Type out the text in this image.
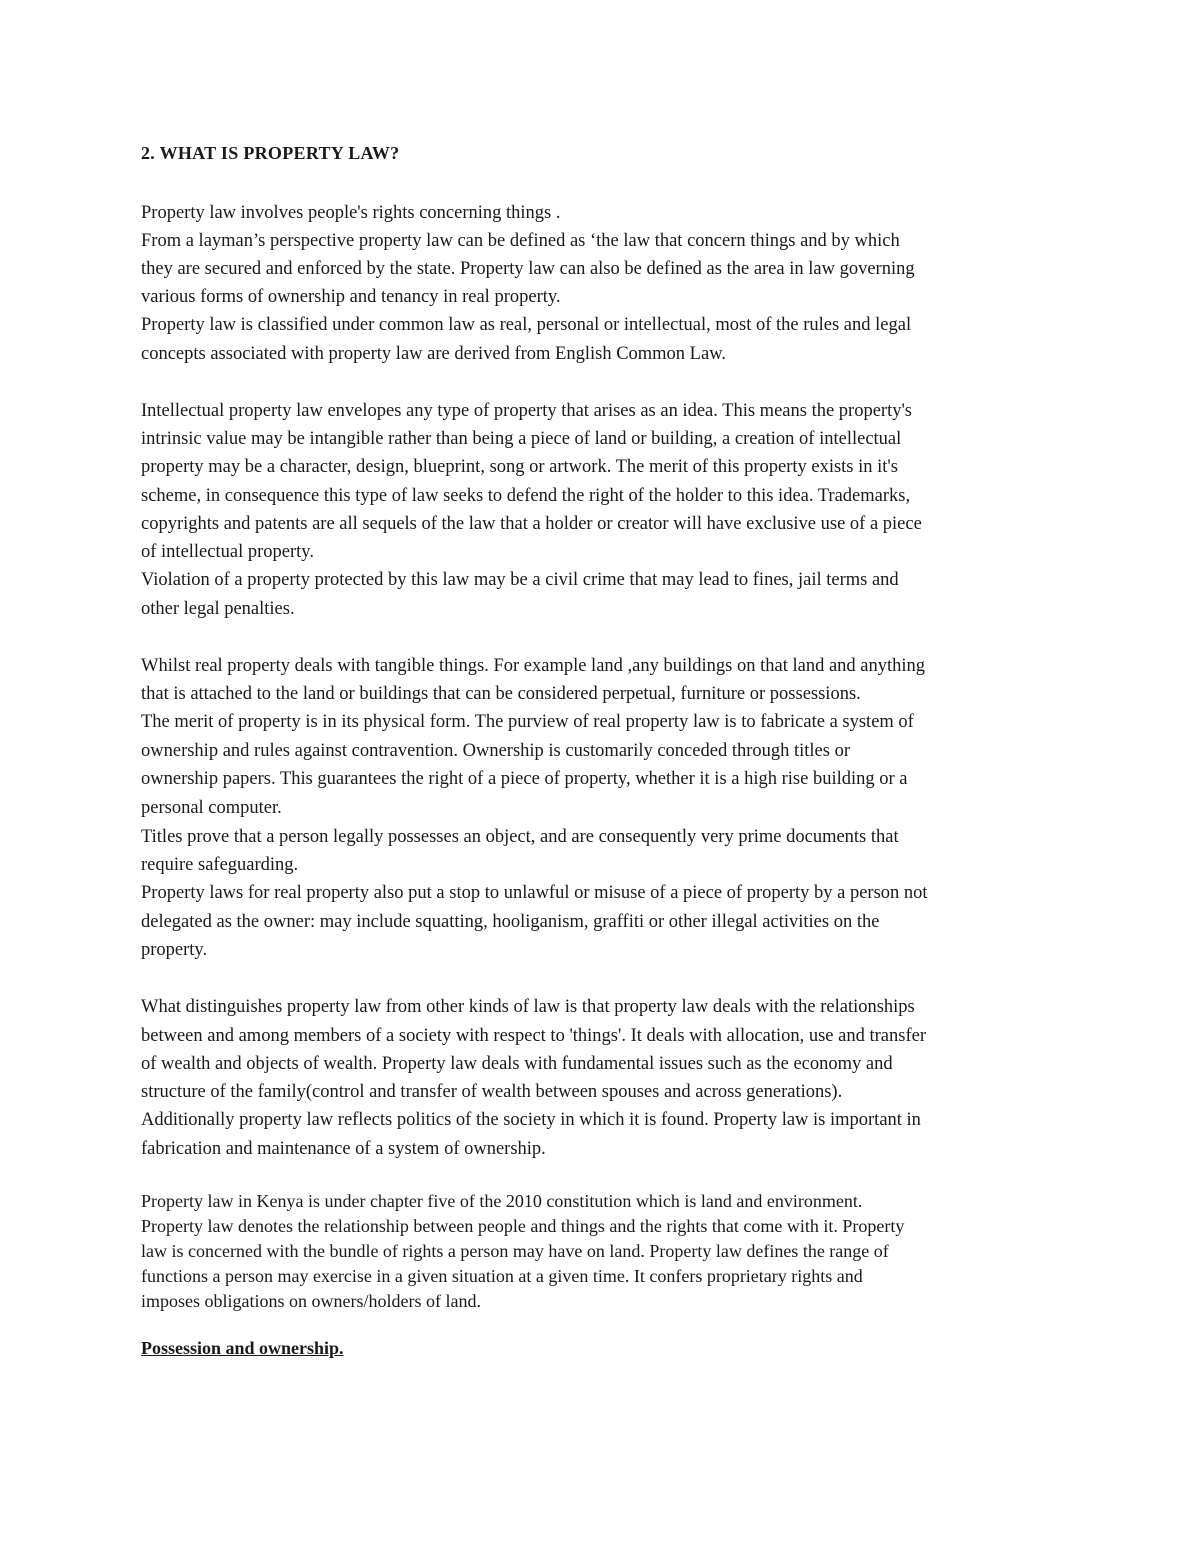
2. WHAT IS PROPERTY LAW?

Property law involves people's rights concerning things .

From a layman’s perspective property law can be defined as ‘the law that concern things and by which

they are secured and enforced by the state. Property law can also be defined as the area in law governing

various forms of ownership and tenancy in real property.

Property law is classified under common law as real, personal or intellectual, most of the rules and legal

concepts associated with property law are derived from English Common Law.

Intellectual property law envelopes any type of property that arises as an idea. This means the property's

intrinsic value may be intangible rather than being a piece of land or building, a creation of intellectual

property may be a character, design, blueprint, song or artwork. The merit of this property exists in it's

scheme, in consequence this type of law seeks to defend the right of the holder to this idea. Trademarks,

copyrights and patents are all sequels of the law that a holder or creator will have exclusive use of a piece

of intellectual property.

Violation of a property protected by this law may be a civil crime that may lead to fines, jail terms and

other legal penalties.

Whilst real property deals with tangible things. For example land ,any buildings on that land and anything

that is attached to the land or buildings that can be considered perpetual, furniture or possessions.

The merit of property is in its physical form. The purview of real property law is to fabricate a system of

ownership and rules against contravention. Ownership is customarily conceded through titles or

ownership papers. This guarantees the right of a piece of property, whether it is a high rise building or a

personal computer.

Titles prove that a person legally possesses an object, and are consequently very prime documents that

require safeguarding.

Property laws for real property also put a stop to unlawful or misuse of a piece of property by a person not

delegated as the owner: may include squatting, hooliganism, graffiti or other illegal activities on the

property.

What distinguishes property law from other kinds of law is that property law deals with the relationships

between and among members of a society with respect to 'things'. It deals with allocation, use and transfer

of wealth and objects of wealth. Property law deals with fundamental issues such as the economy and

structure of the family(control and transfer of wealth between spouses and across generations).

Additionally property law reflects politics of the society in which it is found. Property law is important in

fabrication and maintenance of a system of ownership.

Property law in Kenya is under chapter five of the 2010 constitution which is land and environment.

Property law denotes the relationship between people and things and the rights that come with it. Property

law is concerned with the bundle of rights a person may have on land. Property law defines the range of

functions a person may exercise in a given situation at a given time. It confers proprietary rights and

imposes obligations on owners/holders of land.

Possession and ownership.
